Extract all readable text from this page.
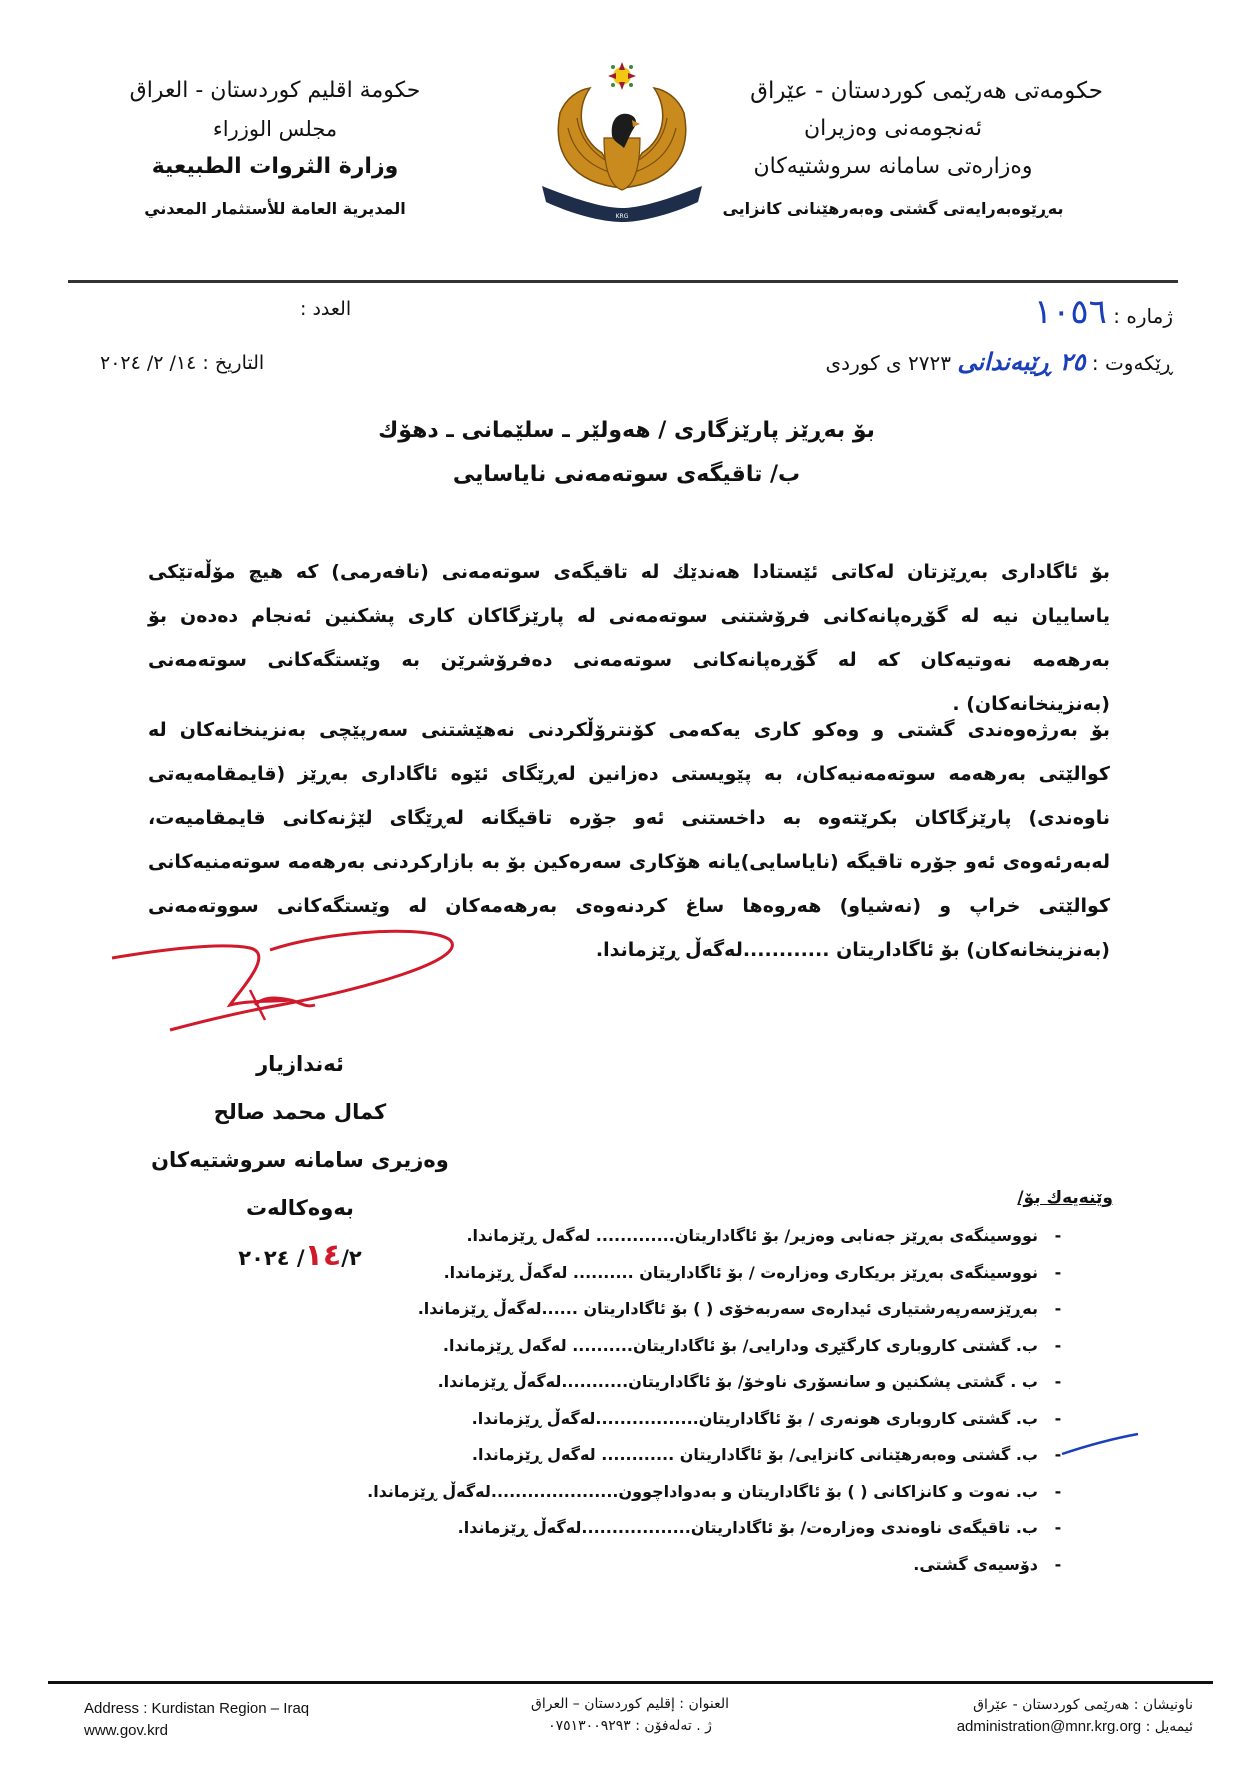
حکومەتی هەرێمی کوردستان - عێراق
ئەنجومەنی وەزیران
وەزارەتی سامانە سروشتیەکان
بەڕێوەبەرایەتی گشتی وەبەرهێنانی کانزایی
حكومة اقليم كوردستان - العراق
مجلس الوزراء
وزارة الثروات الطبيعية
المديرية العامة للأستثمار المعدني	KRG
ژمارە : ١٠٥٦
ڕێکەوت : ٢٥ ڕێبەندانی ٢٧٢٣ ی کوردی
العدد :
التاريخ : ١٤/ ٢/ ٢٠٢٤
بۆ بەڕێز پارێزگاری / هەولێر ـ سلێمانی ـ دهۆك
ب/ تاقیگەی سوتەمەنی نایاسایی
بۆ ئاگاداری بەڕێزتان لەکاتی ئێستادا هەندێك لە تاقیگەی سوتەمەنی (نافەرمی) کە هیچ مۆڵەتێکی یاساییان نیە لە گۆڕەپانەکانی فرۆشتنی سوتەمەنی لە پارێزگاکان کاری پشکنین ئەنجام دەدەن بۆ بەرهەمە نەوتیەکان کە لە گۆڕەپانەکانی سوتەمەنی دەفرۆشرێن بە وێستگەکانی سوتەمەنی (بەنزینخانەکان) .
بۆ بەرژەوەندی گشتی و وەکو کاری یەکەمی کۆنترۆڵکردنی نەهێشتنی سەرپێچی بەنزینخانەکان لە کوالێتی بەرهەمە سوتەمەنیەکان، بە پێویستی دەزانین لەڕێگای ئێوە ئاگاداری بەڕێز (قایمقامەیەتی ناوەندی) پارێزگاکان بکرێتەوە بە داخستنی ئەو جۆرە تاقیگانە لەڕێگای لێژنەکانی قایمقامیەت، لەبەرئەوەی ئەو جۆرە تاقیگە (نایاسایی)یانە هۆکاری سەرەکین بۆ بە بازارکردنی بەرهەمە سوتەمنیەکانی کوالێتی خراپ و (نەشیاو) هەروەها ساغ کردنەوەی بەرهەمەکان لە وێستگەکانی سووتەمەنی (بەنزینخانەکان) بۆ ئاگاداریتان ............لەگەڵ ڕێزماندا.
ئەندازیار
کمال محمد صالح
وەزیری سامانە سروشتیەکان
بەوەکالەت
١٤/٢/ ٢٠٢٤
وێنەیەك بۆ/
-نووسینگەی بەڕێز جەنابی وەزیر/ بۆ ئاگاداریتان............. لەگەل ڕێزماندا.
-نووسینگەی بەڕێز بریکاری وەزارەت / بۆ ئاگاداریتان .......... لەگەڵ ڕێزماندا.
-بەڕێزسەرپەرشتیاری ئیدارەی سەربەخۆی ( ) بۆ ئاگاداریتان ......لەگەڵ ڕێزماندا.
-ب. گشتی کاروباری کارگێڕی ودارایی/ بۆ ئاگاداریتان.......... لەگەل ڕێزماندا.
-ب . گشتی پشکنین و سانسۆری ناوخۆ/ بۆ ئاگاداریتان...........لەگەڵ ڕێزماندا.
-ب. گشتی کاروباری هونەری / بۆ ئاگاداریتان.................لەگەڵ ڕێزماندا.
-ب. گشتی وەبەرهێنانی کانزایی/ بۆ ئاگاداریتان ............ لەگەل ڕێزماندا.
-ب. نەوت و کانزاکانی ( ) بۆ ئاگاداریتان و بەدواداچوون.....................لەگەڵ ڕێزماندا.
-ب. تاقیگەی ناوەندی وەزارەت/ بۆ ئاگاداریتان..................لەگەڵ ڕێزماندا.
-دۆسیەی گشتی.
Address : Kurdistan Region – Iraq
www.gov.krd
العنوان : إقليم كوردستان – العراق
ژ . تەلەفۆن : ٠٧٥١٣٠٠٩٢٩٣
ناونیشان : هەرێمی کوردستان - عێراق
ئیمەیل : administration@mnr.krg.org
